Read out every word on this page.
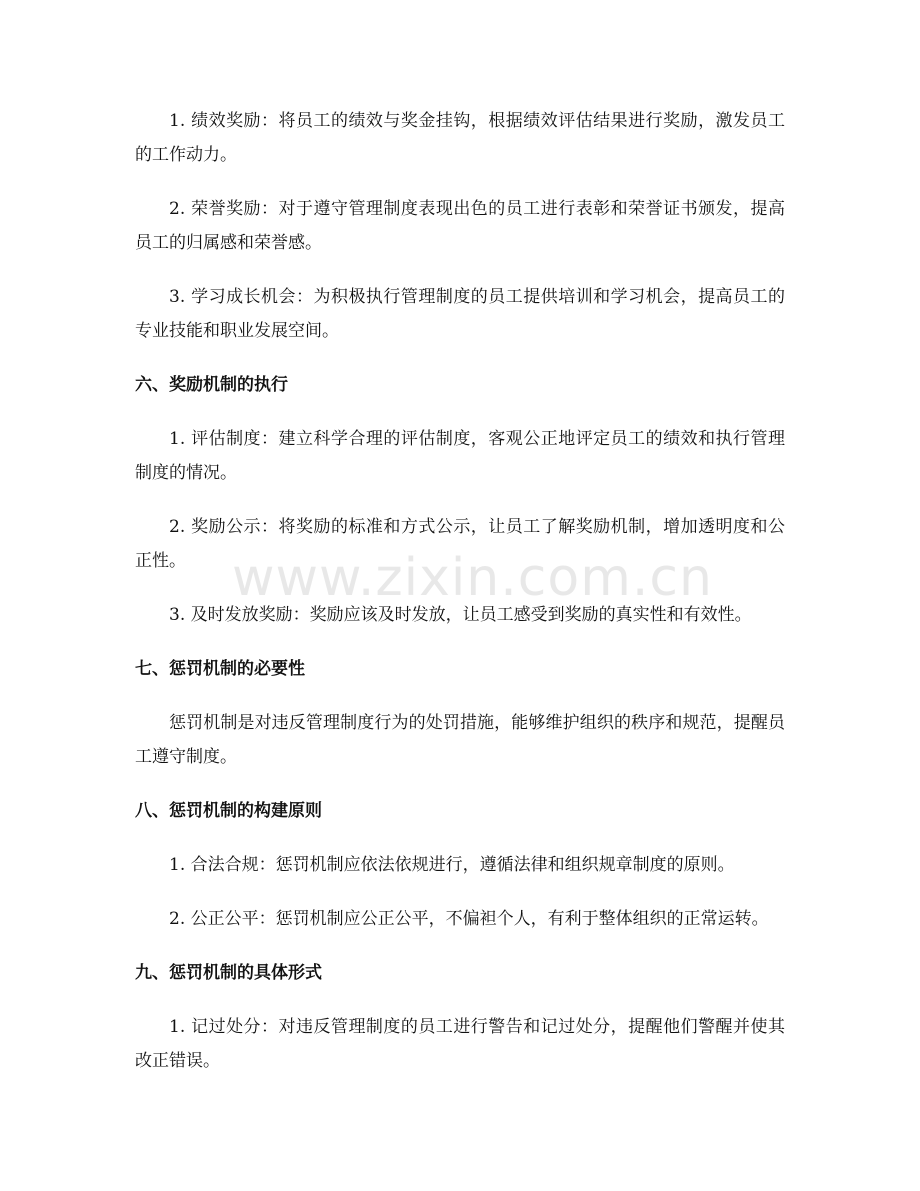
www.zixin.com.cn

1. 绩效奖励：将员工的绩效与奖金挂钩，根据绩效评估结果进行奖励，激发员工的工作动力。

2. 荣誉奖励：对于遵守管理制度表现出色的员工进行表彰和荣誉证书颁发，提高员工的归属感和荣誉感。

3. 学习成长机会：为积极执行管理制度的员工提供培训和学习机会，提高员工的专业技能和职业发展空间。

六、奖励机制的执行

1. 评估制度：建立科学合理的评估制度，客观公正地评定员工的绩效和执行管理制度的情况。

2. 奖励公示：将奖励的标准和方式公示，让员工了解奖励机制，增加透明度和公正性。

3. 及时发放奖励：奖励应该及时发放，让员工感受到奖励的真实性和有效性。

七、惩罚机制的必要性

惩罚机制是对违反管理制度行为的处罚措施，能够维护组织的秩序和规范，提醒员工遵守制度。

八、惩罚机制的构建原则

1. 合法合规：惩罚机制应依法依规进行，遵循法律和组织规章制度的原则。

2. 公正公平：惩罚机制应公正公平，不偏袒个人，有利于整体组织的正常运转。

九、惩罚机制的具体形式

1. 记过处分：对违反管理制度的员工进行警告和记过处分，提醒他们警醒并使其改正错误。
